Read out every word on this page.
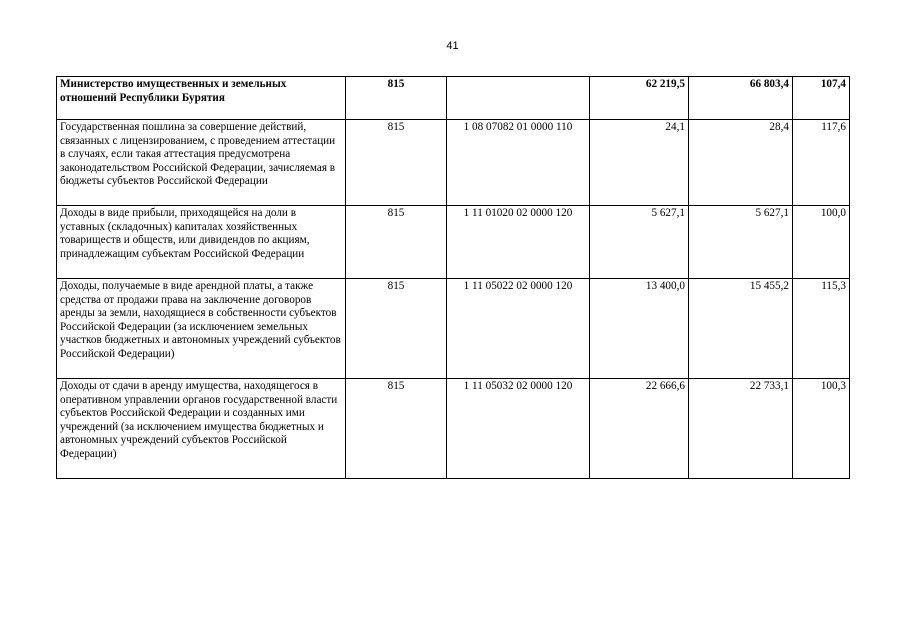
41
Министерство имущественных и земельных отношений Республики Бурятия	815		62 219,5	66 803,4	107,4
Государственная пошлина за совершение действий, связанных с лицензированием, с проведением аттестации в случаях, если такая аттестация предусмотрена законодательством Российской Федерации, зачисляемая в бюджеты субъектов Российской Федерации	815	1 08 07082 01 0000 110	24,1	28,4	117,6
Доходы в виде прибыли, приходящейся на доли в уставных (складочных) капиталах хозяйственных товариществ и обществ, или дивидендов по акциям, принадлежащим субъектам Российской Федерации	815	1 11 01020 02 0000 120	5 627,1	5 627,1	100,0
Доходы, получаемые в виде арендной платы, а также средства от продажи права на заключение договоров аренды за земли, находящиеся в собственности субъектов Российской Федерации (за исключением земельных участков бюджетных и автономных учреждений субъектов Российской Федерации)	815	1 11 05022 02 0000 120	13 400,0	15 455,2	115,3
Доходы от сдачи в аренду имущества, находящегося в оперативном управлении органов государственной власти субъектов Российской Федерации и созданных ими учреждений (за исключением имущества бюджетных и автономных учреждений субъектов Российской Федерации)	815	1 11 05032 02 0000 120	22 666,6	22 733,1	100,3
